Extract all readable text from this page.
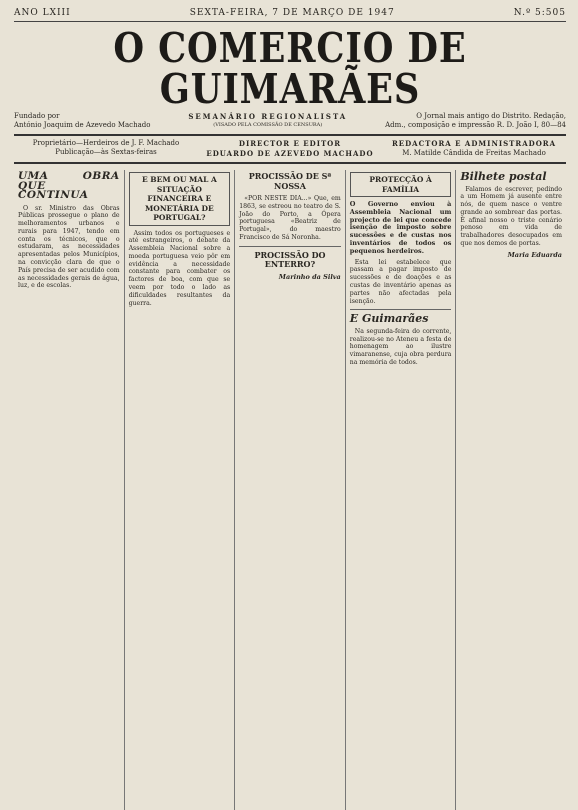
ANO LXIII	SEXTA-FEIRA, 7 DE MARÇO DE 1947	N.º 5:505
O COMERCIO DE GUIMARÃES
Fundado por
António Joaquim de Azevedo Machado
SEMANÁRIO REGIONALISTA
(VISADO PELA COMISSÃO DE CENSURA)
O Jornal mais antigo do Distrito. Redação,
Adm., composição e impressão R. D. João I, 80—84
Proprietário—Herdeiros de J. F. Machado
Publicação—às Sextas-feiras
DIRECTOR E EDITOR
EDUARDO DE AZEVEDO MACHADO
REDACTORA E ADMINISTRADORA
M. Matilde Cândida de Freitas Machado
UMA OBRA QUE CONTINUA

O sr. Ministro das Obras Públicas prossegue o plano de melhoramentos urbanos e rurais para 1947, tendo em conta os técnicos, que o estudaram, as necessidades apresentadas pelos Municípios, na convicção clara de que o País precisa de ser acudido com as necessidades gerais de água, luz, e de escolas.

E BEM OU MAL A SITUAÇÃO FINANCEIRA E MONETÁRIA DE PORTUGAL?

Assim todos os portugueses e até estrangeiros, o debate da Assembleia Nacional sobre a moeda portuguesa veio pôr em evidência a necessidade constante para combater os factores de boa, com que se veem por todo o lado as dificuldades resultantes da guerra.

PROCISSÃO DE Sª NOSSA

«POR NESTE DIA...» Que, em 1863, se estreou no teatro de S. João do Porto, a Ópera portuguesa «Beatriz de Portugal», do maestro Francisco de Sá Noronha.

PROCISSÃO DO ENTERRO?
Marinho da Silva
PROTECÇÃO À FAMÍLIA
O Governo enviou à Assembleia Nacional um projecto de lei que concede isenção de imposto sobre sucessões e de custas nos inventários de todos os pequenos herdeiros.

Esta lei estabelece que passam a pagar imposto de sucessões e de doações e as custas de inventário apenas as partes não afectadas pela isenção.

E Guimarães

Na segunda-feira do corrente, realizou-se no Ateneu a festa de homenagem ao ilustre vimaranense, cuja obra perdura na memória de todos.

Bilhete postal

Falamos de escrever, pedindo a um Homem já ausente entre nós, de quem nasce o ventre grande ao sombrear das portas. É afinal nosso o triste cenário penoso em vida de trabalhadores desocupados em que nos demos de portas.

Maria Eduarda
